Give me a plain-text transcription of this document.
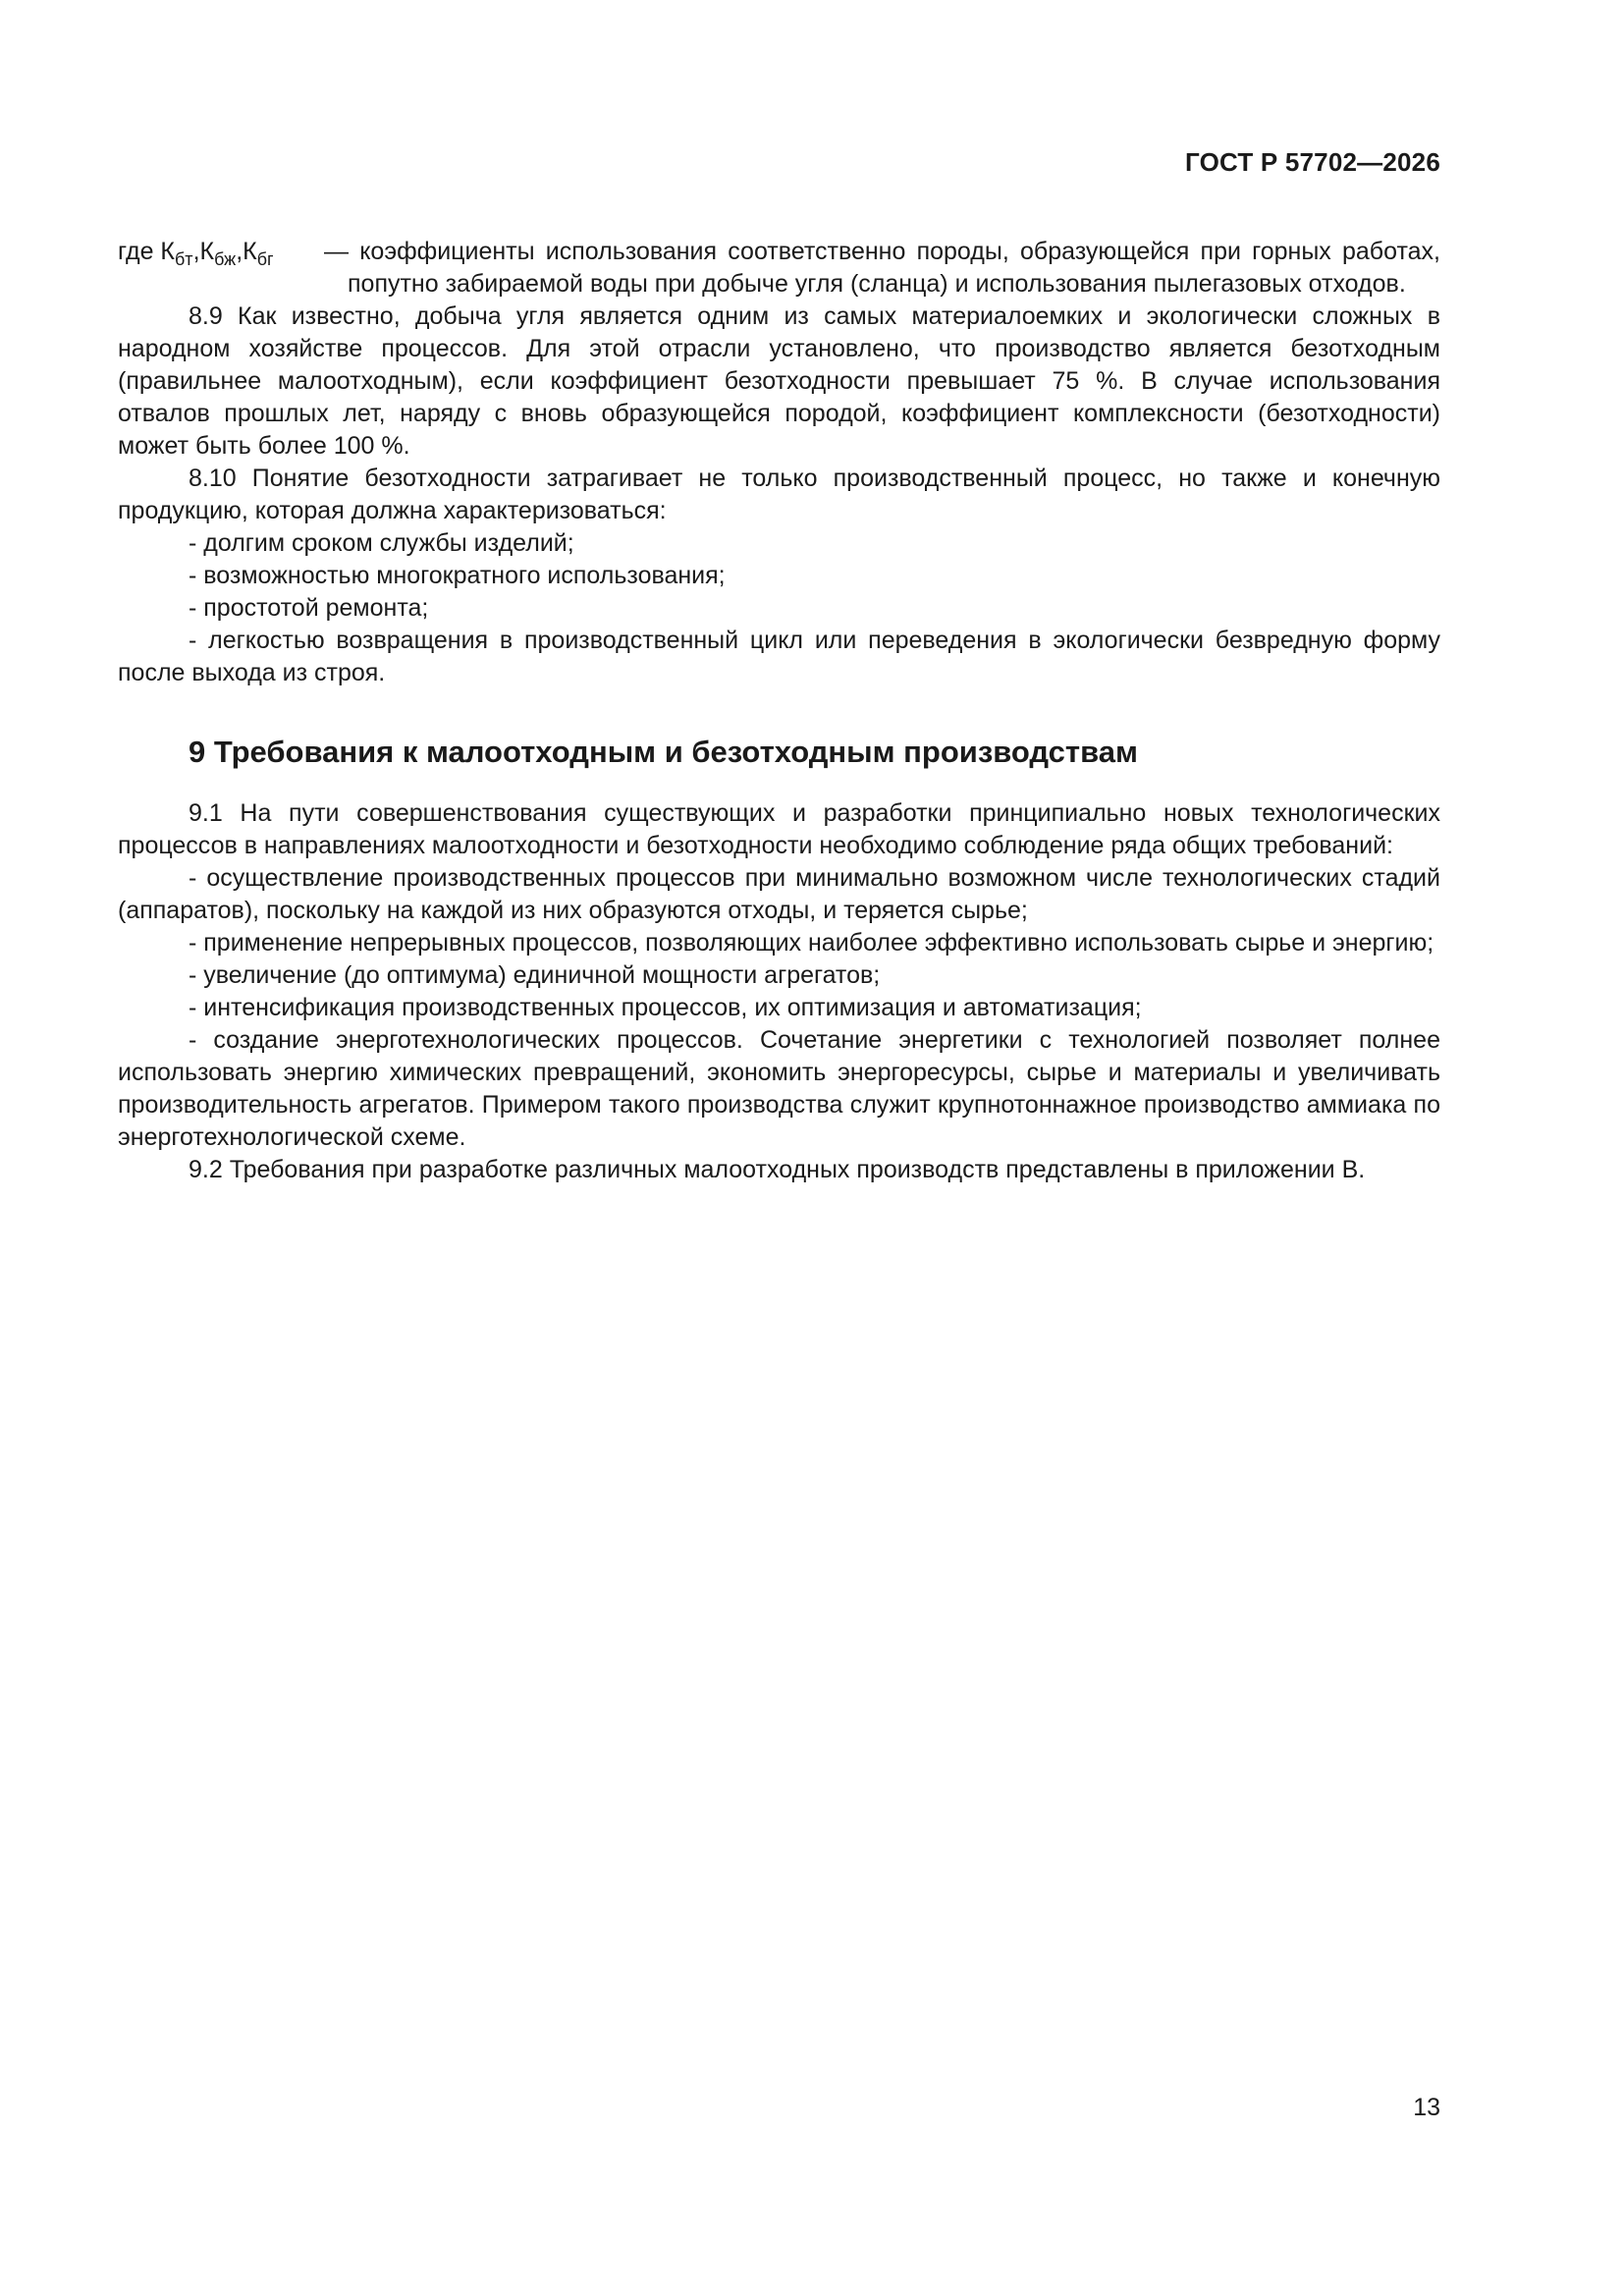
ГОСТ Р 57702—2026
где $К_{бт},К_{бж},К_{бг}$	— коэффициенты использования соответственно породы, образующейся при горных работах, попутно забираемой воды при добыче угля (сланца) и использования пылегазовых отходов.

8.9 Как известно, добыча угля является одним из самых материалоемких и экологически сложных в народном хозяйстве процессов. Для этой отрасли установлено, что производство является безотходным (правильнее малоотходным), если коэффициент безотходности превышает 75 %. В случае использования отвалов прошлых лет, наряду с вновь образующейся породой, коэффициент комплексности (безотходности) может быть более 100 %.

8.10 Понятие безотходности затрагивает не только производственный процесс, но также и конечную продукцию, которая должна характеризоваться:

- долгим сроком службы изделий;

- возможностью многократного использования;

- простотой ремонта;

- легкостью возвращения в производственный цикл или переведения в экологически безвредную форму после выхода из строя.

9 Требования к малоотходным и безотходным производствам

9.1 На пути совершенствования существующих и разработки принципиально новых технологических процессов в направлениях малоотходности и безотходности необходимо соблюдение ряда общих требований:

- осуществление производственных процессов при минимально возможном числе технологических стадий (аппаратов), поскольку на каждой из них образуются отходы, и теряется сырье;

- применение непрерывных процессов, позволяющих наиболее эффективно использовать сырье и энергию;

- увеличение (до оптимума) единичной мощности агрегатов;

- интенсификация производственных процессов, их оптимизация и автоматизация;

- создание энерготехнологических процессов. Сочетание энергетики с технологией позволяет полнее использовать энергию химических превращений, экономить энергоресурсы, сырье и материалы и увеличивать производительность агрегатов. Примером такого производства служит крупнотоннажное производство аммиака по энерготехнологической схеме.

9.2 Требования при разработке различных малоотходных производств представлены в приложении В.

13
